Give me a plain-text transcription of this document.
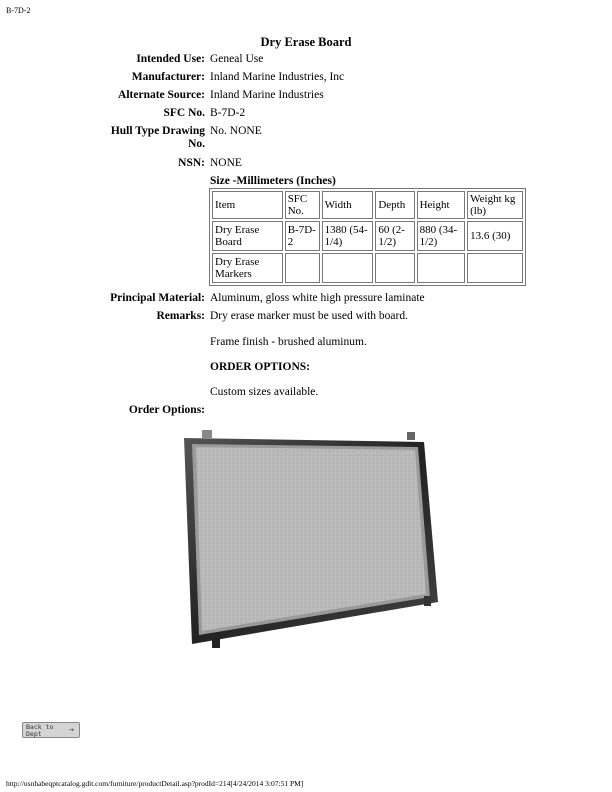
B-7D-2
Dry Erase Board
Intended Use: Geneal Use
Manufacturer: Inland Marine Industries, Inc
Alternate Source: Inland Marine Industries
SFC No. B-7D-2
Hull Type Drawing
No.
No. NONE
NSN: NONE
Size -Millimeters (Inches)
Item	SFC No.	Width	Depth	Height	Weight kg (lb)
Dry Erase Board	B-7D-2	1380 (54-1/4)	60 (2-1/2)	880 (34-1/2)	13.6 (30)
Dry Erase Markers					
Principal Material: Aluminum, gloss white high pressure laminate
Remarks: Dry erase marker must be used with board.
Frame finish - brushed aluminum.
ORDER OPTIONS:
Custom sizes available.
Order Options:
Back to
Dept	→
http://usnhabeqptcatalog.gdit.com/furniture/productDetail.asp?prodId=214[4/24/2014 3:07:51 PM]
